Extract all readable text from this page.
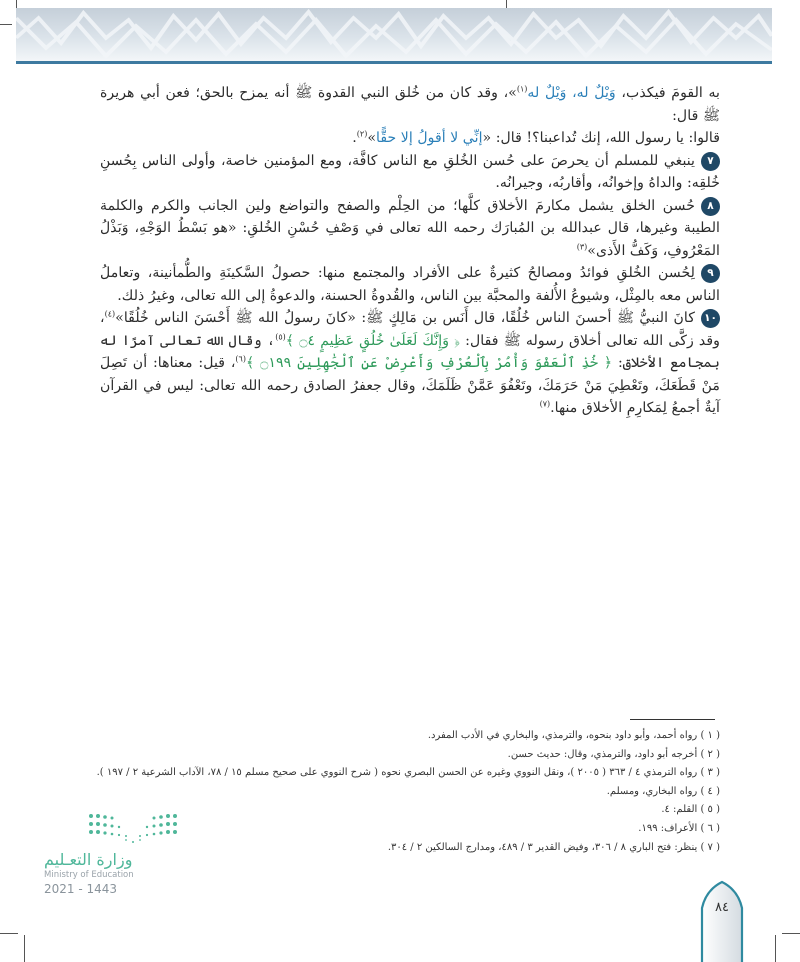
به القومَ فيكذب، وَيْلٌ له، وَيْلٌ له$^{(١)}$»، وقد كان من خُلق النبي القدوة ﷺ أنه يمزح بالحق؛ فعن أبي هريرة ﷺ قال:
قالوا: يا رسول الله، إنك تُداعبنا؟! قال: «إنِّي لا أقولُ إلا حقًّا»$^{(٢)}$.

٧ينبغي للمسلم أن يحرصَ على حُسن الخُلقِ مع الناس كافَّة، ومع المؤمنين خاصة، وأولى الناس بِحُسنِ خُلقِه: والداهُ وإخوانُه، وأقاربُه، وجيرانُه.

٨حُسن الخلق يشمل مكارمَ الأخلاق كلَّها؛ من الحِلْم والصفح والتواضع ولين الجانب والكرم والكلمة الطيبة وغيرها، قال عبدالله بن المُبارَك رحمه الله تعالى في وَصْفِ حُسْنِ الخُلقِ: «هو بَسْطُ الوَجْهِ، وَبَذْلُ المَعْرُوفِ، وَكَفُّ الأَذى»$^{(٣)}$

٩لِحُسن الخُلقِ فوائدُ ومصالحُ كثيرةٌ على الأفراد والمجتمع منها: حصولُ السَّكينَةِ والطُّمأنينة، وتعاملُ الناس معه بالمِثْل، وشيوعُ الأُلفة والمحبَّة بين الناس، والقُدوةُ الحسنة، والدعوةُ إلى الله تعالى، وغيرُ ذلك.

١٠كانَ النبيُّ ﷺ أحسنَ الناس خُلُقًا، قال أَنَس بن مَالِكٍ ﷺ: «كانَ رسولُ الله ﷺ أَحْسَنَ الناس خُلُقًا»$^{(٤)}$، وقد زكَّى الله تعالى أخلاق رسوله ﷺ فقال: ﴿ وَإِنَّكَ لَعَلَىٰ خُلُقٍ عَظِيمٍ ۝٤ ﴾$^{(٥)}$، وقال الله تعالى آمرًا له بمجامع الأخلاق: ﴿ خُذِ ٱلْعَفْوَ وَأْمُرْ بِٱلْعُرْفِ وَأَعْرِضْ عَنِ ٱلْجَٰهِلِينَ ۝١٩٩ ﴾$^{(٦)}$، قيل: معناها: أن تَصِلَ مَنْ قَطَعَكَ، وتَعْطِيَ مَنْ حَرَمَكَ، وتَعْفُوَ عَمَّنْ ظَلَمَكَ، وقال جعفرُ الصادق رحمه الله تعالى: ليس في القرآن آيةٌ أجمعُ لِمَكارِمِ الأخلاق منها.$^{(٧)}$

( ١ ) رواه أحمد، وأبو داود بنحوه، والترمذي، والبخاري في الأدب المفرد.
( ٢ ) أخرجه أبو داود، والترمذي، وقال: حديث حسن.
( ٣ ) رواه الترمذي ٤ / ٣٦٣ ( ٢٠٠٥ )، ونقل النووي وغيره عن الحسن البصري نحوه ( شرح النووي على صحيح مسلم ١٥ / ٧٨، الآداب الشرعية ٢ / ١٩٧ ).
( ٤ ) رواه البخاري، ومسلم.
( ٥ ) القلم: ٤.
( ٦ ) الأعراف: ١٩٩.
( ٧ ) ينظر: فتح الباري ٨ / ٣٠٦، وفيض القدير ٣ / ٤٨٩، ومدارج السالكين ٢ / ٣٠٤.
وزارة التعـليم
Ministry of Education
2021 - 1443
٨٤
